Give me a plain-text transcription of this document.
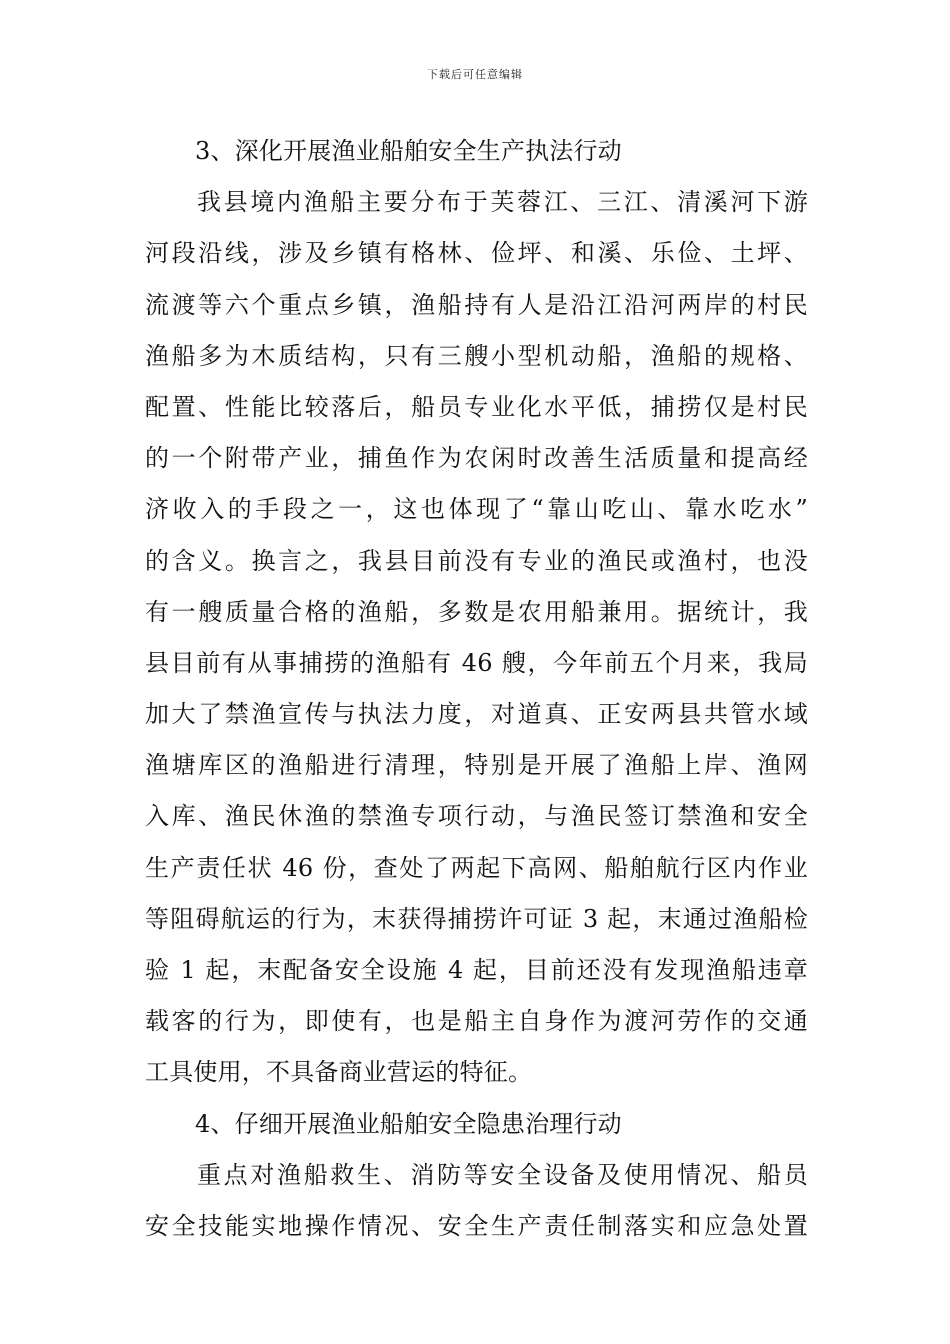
下载后可任意编辑
3、深化开展渔业船舶安全生产执法行动
我县境内渔船主要分布于芙蓉江、三江、清溪河下游
河段沿线，涉及乡镇有格林、俭坪、和溪、乐俭、土坪、
流渡等六个重点乡镇，渔船持有人是沿江沿河两岸的村民
渔船多为木质结构，只有三艘小型机动船，渔船的规格、
配置、性能比较落后，船员专业化水平低，捕捞仅是村民
的一个附带产业，捕鱼作为农闲时改善生活质量和提高经
济收入的手段之一，这也体现了“靠山吃山、靠水吃水”
的含义。换言之，我县目前没有专业的渔民或渔村，也没
有一艘质量合格的渔船，多数是农用船兼用。据统计，我
县目前有从事捕捞的渔船有 46 艘，今年前五个月来，我局
加大了禁渔宣传与执法力度，对道真、正安两县共管水域
渔塘库区的渔船进行清理，特别是开展了渔船上岸、渔网
入库、渔民休渔的禁渔专项行动，与渔民签订禁渔和安全
生产责任状 46 份，查处了两起下高网、船舶航行区内作业
等阻碍航运的行为，末获得捕捞许可证 3 起，末通过渔船检
验 1 起，末配备安全设施 4 起，目前还没有发现渔船违章
载客的行为，即使有，也是船主自身作为渡河劳作的交通
工具使用，不具备商业营运的特征。
4、仔细开展渔业船舶安全隐患治理行动
重点对渔船救生、消防等安全设备及使用情况、船员
安全技能实地操作情况、安全生产责任制落实和应急处置
